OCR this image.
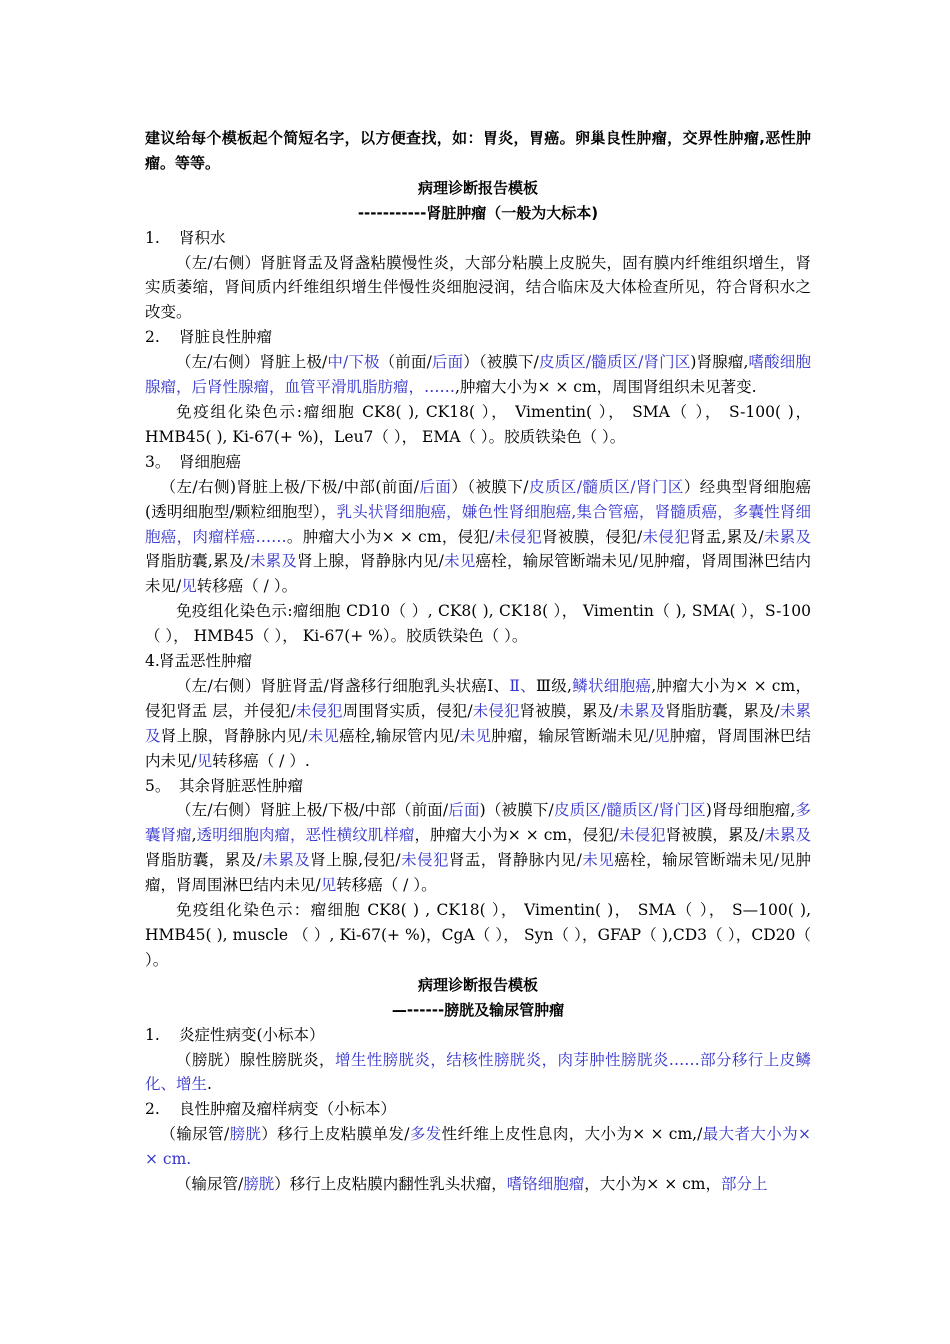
建议给每个模板起个简短名字，以方便查找，如：胃炎，胃癌。卵巢良性肿瘤，交界性肿瘤,恶性肿瘤。等等。

病理诊断报告模板

-----------肾脏肿瘤（一般为大标本)

1. 肾积水

（左/右侧）肾脏肾盂及肾盏粘膜慢性炎，大部分粘膜上皮脱失，固有膜内纤维组织增生，肾实质萎缩，肾间质内纤维组织增生伴慢性炎细胞浸润，结合临床及大体检查所见，符合肾积水之改变。

2. 肾脏良性肿瘤

（左/右侧）肾脏上极/中/下极（前面/后面）（被膜下/皮质区/髓质区/肾门区)肾腺瘤,嗜酸细胞腺瘤，后肾性腺瘤，血管平滑肌脂肪瘤，……,肿瘤大小为× × cm，周围肾组织未见著变.

免疫组化染色示:瘤细胞 CK8( ), CK18( ）， Vimentin( ）， SMA（ ）， S-100( )，HMB45( ), Ki-67(+ %)，Leu7（ ）， EMA（ ）。胶质铁染色（ ）。

3。 肾细胞癌

（左/右侧)肾脏上极/下极/中部(前面/后面）（被膜下/皮质区/髓质区/肾门区）经典型肾细胞癌(透明细胞型/颗粒细胞型），乳头状肾细胞癌，嫌色性肾细胞癌,集合管癌，肾髓质癌，多囊性肾细胞癌，肉瘤样癌……。肿瘤大小为× × cm，侵犯/未侵犯肾被膜，侵犯/未侵犯肾盂,累及/未累及肾脂肪囊,累及/未累及肾上腺，肾静脉内见/未见癌栓，输尿管断端未见/见肿瘤，肾周围淋巴结内未见/见转移癌（ / ）。

免疫组化染色示:瘤细胞 CD10（ ）, CK8( ), CK18( ）， Vimentin（ ), SMA( ），S-100（ ）， HMB45（ ）， Ki-67(+ %）。胶质铁染色（ ）。

4.肾盂恶性肿瘤

（左/右侧）肾脏肾盂/肾盏移行细胞乳头状癌Ⅰ、Ⅱ、Ⅲ级,鳞状细胞癌,肿瘤大小为× × cm，侵犯肾盂 层，并侵犯/未侵犯周围肾实质，侵犯/未侵犯肾被膜，累及/未累及肾脂肪囊，累及/未累及肾上腺，肾静脉内见/未见癌栓,输尿管内见/未见肿瘤，输尿管断端未见/见肿瘤，肾周围淋巴结内未见/见转移癌（ / ）.

5。 其余肾脏恶性肿瘤

（左/右侧）肾脏上极/下极/中部（前面/后面)（被膜下/皮质区/髓质区/肾门区)肾母细胞瘤,多囊肾瘤,透明细胞肉瘤，恶性横纹肌样瘤，肿瘤大小为× × cm，侵犯/未侵犯肾被膜，累及/未累及肾脂肪囊，累及/未累及肾上腺,侵犯/未侵犯肾盂，肾静脉内见/未见癌栓，输尿管断端未见/见肿瘤，肾周围淋巴结内未见/见转移癌（ / ）。

免疫组化染色示：瘤细胞 CK8( ) , CK18( ）， Vimentin( )， SMA（ ）， S—100( ), HMB45( ), muscle （ ）, Ki-67(+ %)，CgA（ ）， Syn（ ），GFAP（ ),CD3（ ），CD20（ ）。

病理诊断报告模板

—------膀胱及输尿管肿瘤

1. 炎症性病变(小标本）

（膀胱）腺性膀胱炎，增生性膀胱炎，结核性膀胱炎，肉芽肿性膀胱炎……部分移行上皮鳞化、增生.

2. 良性肿瘤及瘤样病变（小标本）

（输尿管/膀胱）移行上皮粘膜单发/多发性纤维上皮性息肉，大小为× × cm,/最大者大小为× × cm.

（输尿管/膀胱）移行上皮粘膜内翻性乳头状瘤，嗜铬细胞瘤，大小为× × cm，部分上
